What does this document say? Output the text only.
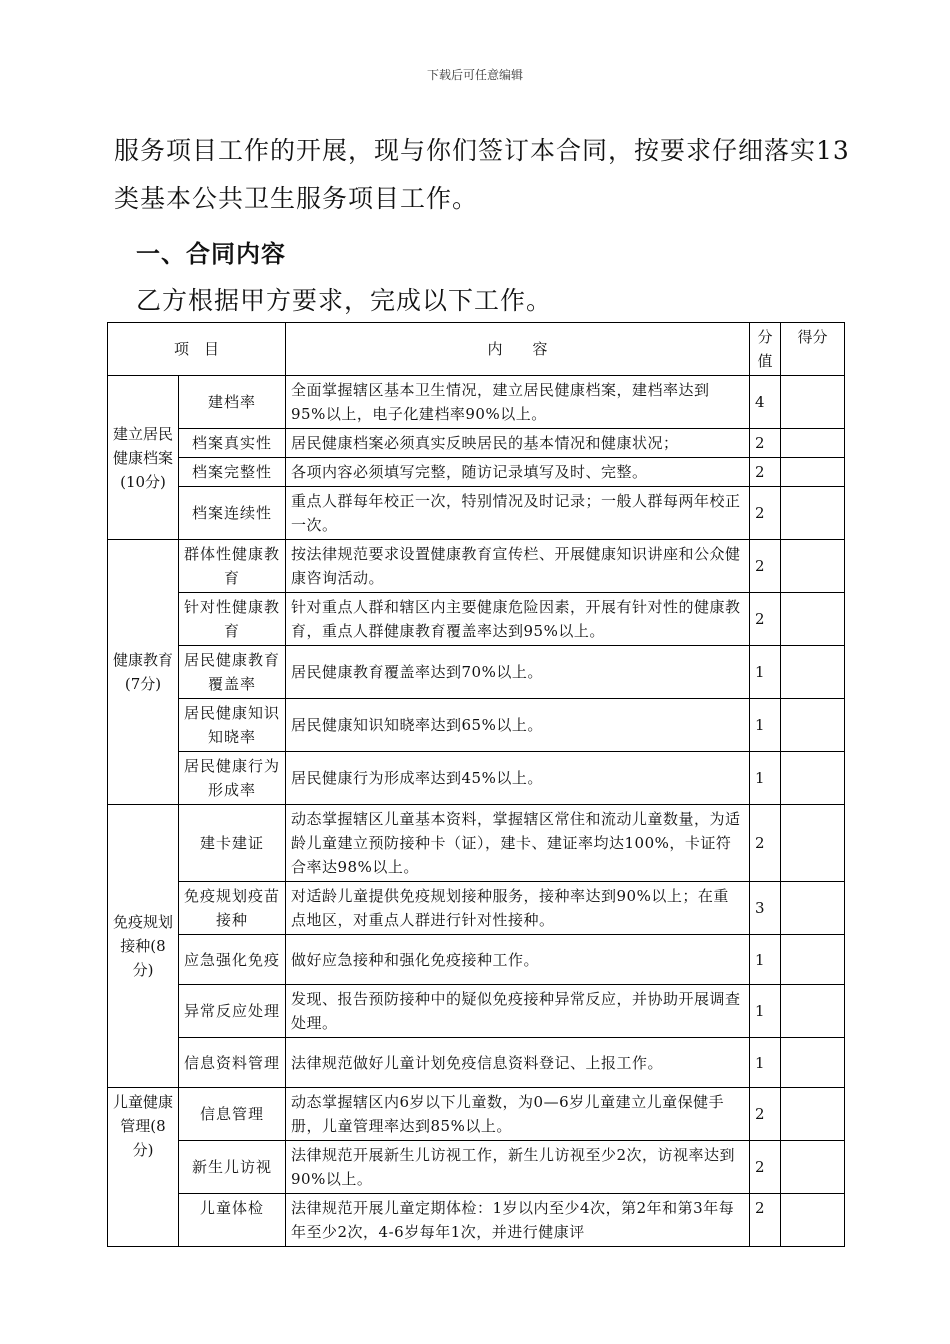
下载后可任意编辑
服务项目工作的开展，现与你们签订本合同，按要求仔细落实13
类基本公共卫生服务项目工作。
一、合同内容
乙方根据甲方要求，完成以下工作。
项　目		内　　容	分值	得分
建立居民健康档案(10分)	建档率	全面掌握辖区基本卫生情况，建立居民健康档案，建档率达到95%以上，电子化建档率90%以上。	4	
	档案真实性	居民健康档案必须真实反映居民的基本情况和健康状况；	2	
	档案完整性	各项内容必须填写完整，随访记录填写及时、完整。	2	
	档案连续性	重点人群每年校正一次，特别情况及时记录；一般人群每两年校正一次。	2	
健康教育(7分)	群体性健康教育	按法律规范要求设置健康教育宣传栏、开展健康知识讲座和公众健康咨询活动。	2	
	针对性健康教育	针对重点人群和辖区内主要健康危险因素，开展有针对性的健康教育，重点人群健康教育覆盖率达到95%以上。	2	
	居民健康教育覆盖率	居民健康教育覆盖率达到70%以上。	1	
	居民健康知识知晓率	居民健康知识知晓率达到65%以上。	1	
	居民健康行为形成率	居民健康行为形成率达到45%以上。	1	
免疫规划接种(8分)	建卡建证	动态掌握辖区儿童基本资料，掌握辖区常住和流动儿童数量，为适龄儿童建立预防接种卡（证），建卡、建证率均达100%，卡证符合率达98%以上。	2	
	免疫规划疫苗接种	对适龄儿童提供免疫规划接种服务，接种率达到90%以上；在重点地区，对重点人群进行针对性接种。	3	
	应急强化免疫	做好应急接种和强化免疫接种工作。	1	
	异常反应处理	发现、报告预防接种中的疑似免疫接种异常反应，并协助开展调查处理。	1	
	信息资料管理	法律规范做好儿童计划免疫信息资料登记、上报工作。	1	
儿童健康管理(8分)	信息管理	动态掌握辖区内6岁以下儿童数，为0—6岁儿童建立儿童保健手册，儿童管理率达到85%以上。	2	
	新生儿访视	法律规范开展新生儿访视工作，新生儿访视至少2次，访视率达到90%以上。	2	
	儿童体检	法律规范开展儿童定期体检：1岁以内至少4次，第2年和第3年每年至少2次，4-6岁每年1次，并进行健康评	2	
